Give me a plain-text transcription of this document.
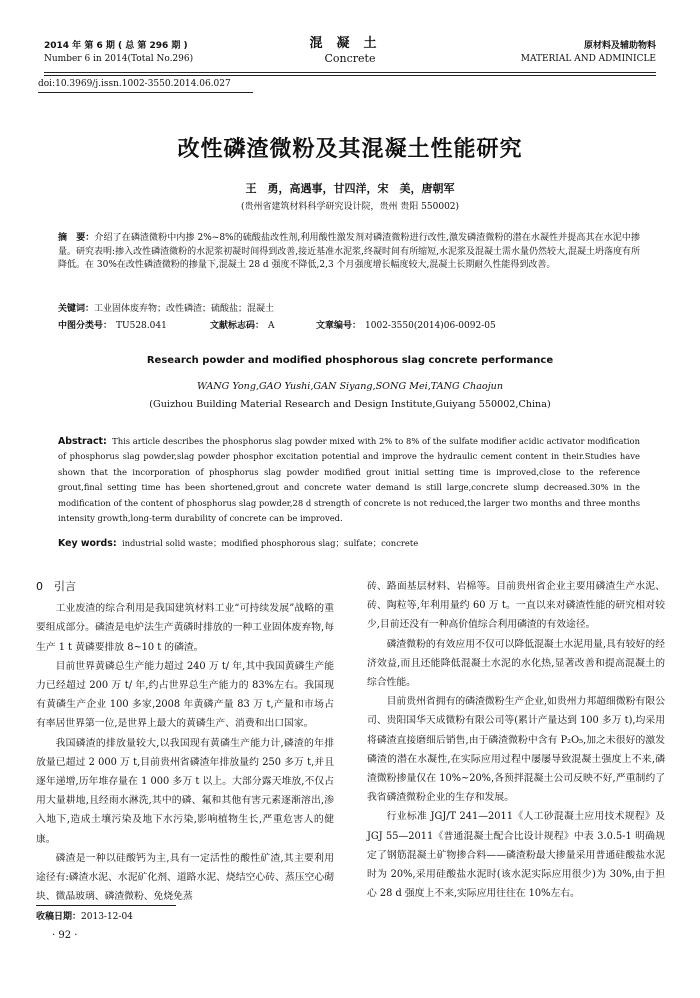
2014 年 第 6 期 ( 总 第 296 期 )
Number 6 in 2014(Total No.296)
混凝土
Concrete
原材料及辅助物料
MATERIAL AND ADMINICLE
doi:10.3969/j.issn.1002-3550.2014.06.027
改性磷渣微粉及其混凝土性能研究
王　勇，高遇事，甘四洋，宋　美，唐朝军
(贵州省建筑材料科学研究设计院，贵州 贵阳 550002)
摘　要：介绍了在磷渣微粉中内掺 2%~8%的硫酸盐改性剂,利用酸性激发剂对磷渣微粉进行改性,激发磷渣微粉的潜在水凝性并提高其在水泥中掺量。研究表明:掺入改性磷渣微粉的水泥浆初凝时间得到改善,接近基准水泥浆,终凝时间有所缩短,水泥浆及混凝土需水量仍然较大,混凝土坍落度有所降低。在 30%在改性磷渣微粉的掺量下,混凝土 28 d 强度不降低,2,3 个月强度增长幅度较大,混凝土长期耐久性能得到改善。
关键词：工业固体废弃物；改性磷渣；硫酸盐；混凝土
中图分类号： TU528.041	文献标志码： A	文章编号： 1002-3550(2014)06-0092-05
Research powder and modified phosphorous slag concrete performance
WANG Yong,GAO Yushi,GAN Siyang,SONG Mei,TANG Chaojun
(Guizhou Building Material Research and Design Institute,Guiyang 550002,China)
Abstract: This article describes the phosphorus slag powder mixed with 2% to 8% of the sulfate modifier acidic activator modification of phosphorus slag powder,slag powder phosphor excitation potential and improve the hydraulic cement content in their.Studies have shown that the incorporation of phosphorus slag powder modified grout initial setting time is improved,close to the reference grout,final setting time has been shortened,grout and concrete water demand is still large,concrete slump decreased.30% in the modification of the content of phosphorus slag powder,28 d strength of concrete is not reduced,the larger two months and three months intensity growth,long-term durability of concrete can be improved.
Key words: industrial solid waste；modified phosphorous slag；sulfate；concrete
0　引言

工业废渣的综合利用是我国建筑材料工业“可持续发展”战略的重要组成部分。磷渣是电炉法生产黄磷时排放的一种工业固体废弃物,每生产 1 t 黄磷要排放 8~10 t 的磷渣。

目前世界黄磷总生产能力超过 240 万 t/ 年,其中我国黄磷生产能力已经超过 200 万 t/ 年,约占世界总生产能力的 83%左右。我国现有黄磷生产企业 100 多家,2008 年黄磷产量 83 万 t,产量和市场占有率居世界第一位,是世界上最大的黄磷生产、消费和出口国家。

我国磷渣的排放量较大,以我国现有黄磷生产能力计,磷渣的年排放量已超过 2 000 万 t,目前贵州省磷渣年排放量约 250 多万 t,并且逐年递增,历年堆存量在 1 000 多万 t 以上。大部分露天堆放,不仅占用大量耕地,且经雨水淋洗,其中的磷、氟和其他有害元素逐渐溶出,渗入地下,造成土壤污染及地下水污染,影响植物生长,严重危害人的健康。

磷渣是一种以硅酸钙为主,具有一定活性的酸性矿渣,其主要利用途径有:磷渣水泥、水泥矿化剂、道路水泥、烧结空心砖、蒸压空心砌块、微晶玻璃、磷渣微粉、免烧免蒸

砖、路面基层材料、岩棉等。目前贵州省企业主要用磷渣生产水泥、砖、陶粒等,年利用量约 60 万 t。一直以来对磷渣性能的研究相对较少,目前还没有一种高价值综合利用磷渣的有效途径。

磷渣微粉的有效应用不仅可以降低混凝土水泥用量,具有较好的经济效益,而且还能降低混凝土水泥的水化热,显著改善和提高混凝土的综合性能。

目前贵州省拥有的磷渣微粉生产企业,如贵州力邦超细微粉有限公司、贵阳国华天成微粉有限公司等(累计产量达到 100 多万 t),均采用将磷渣直接磨细后销售,由于磷渣微粉中含有 P₂O₅,加之未很好的激发磷渣的潜在水凝性,在实际应用过程中屡屡导致混凝土强度上不来,磷渣微粉掺量仅在 10%~20%,各预拌混凝土公司反映不好,严重制约了我省磷渣微粉企业的生存和发展。

行业标准 JGJ/T 241—2011《人工砂混凝土应用技术规程》及 JGJ 55—2011《普通混凝土配合比设计规程》中表 3.0.5-1 明确规定了钢筋混凝土矿物掺合料——磷渣粉最大掺量采用普通硅酸盐水泥时为 20%,采用硅酸盐水泥时(该水泥实际应用很少)为 30%,由于担心 28 d 强度上不来,实际应用往往在 10%左右。

收稿日期：2013-12-04
· 92 ·
